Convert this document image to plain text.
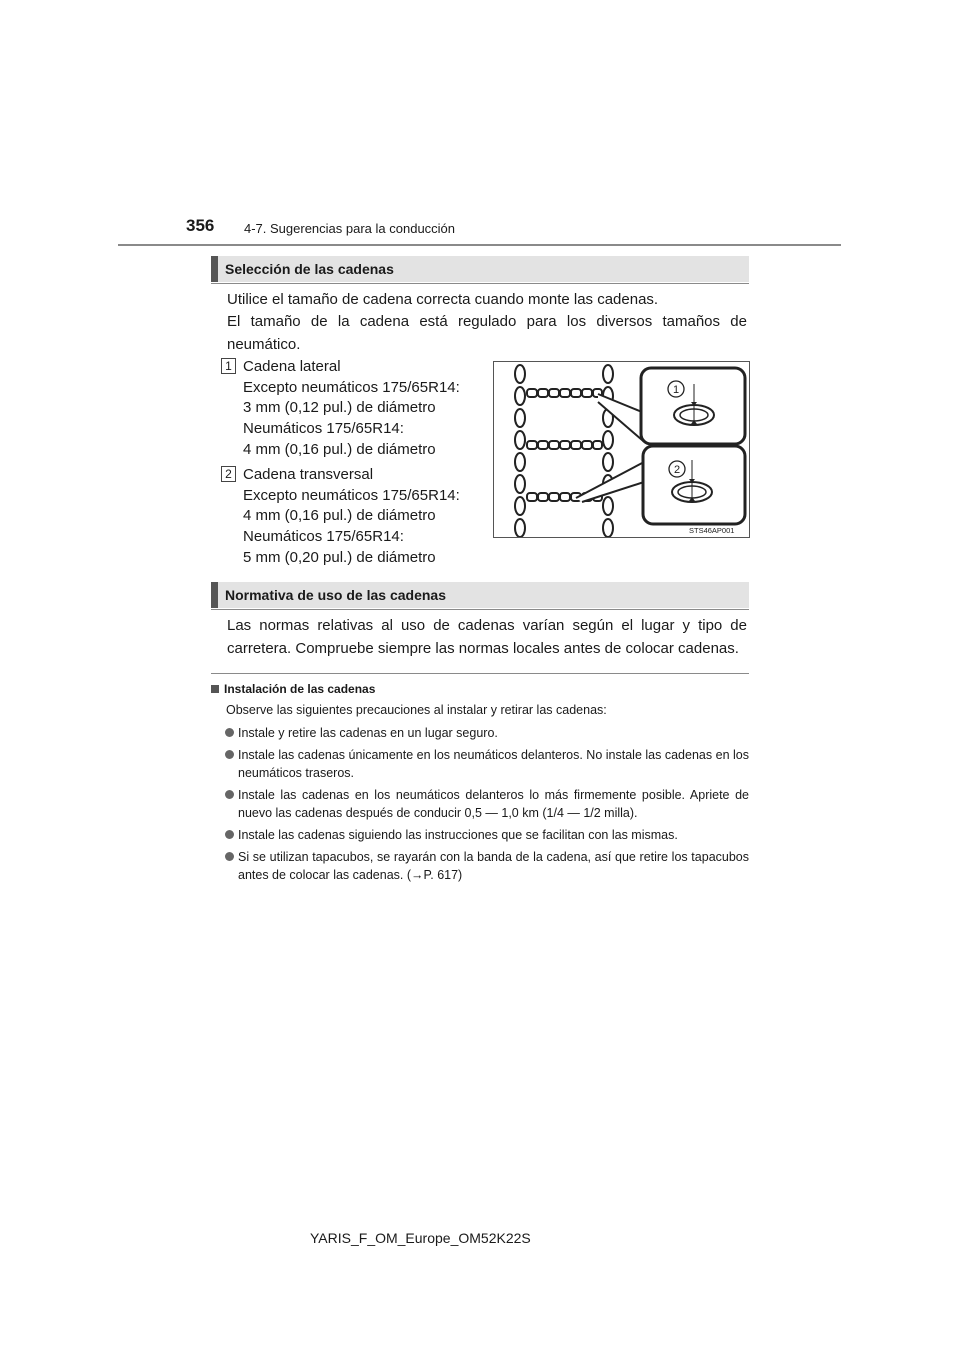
356 4-7. Sugerencias para la conducción
Selección de las cadenas
Utilice el tamaño de cadena correcta cuando monte las cadenas.
El tamaño de la cadena está regulado para los diversos tamaños de neumático.
1 Cadena lateral
Excepto neumáticos 175/65R14:
3 mm (0,12 pul.) de diámetro
Neumáticos 175/65R14:
4 mm (0,16 pul.) de diámetro
2 Cadena transversal
Excepto neumáticos 175/65R14:
4 mm (0,16 pul.) de diámetro
Neumáticos 175/65R14:
5 mm (0,20 pul.) de diámetro
1
2
STS46AP001
Normativa de uso de las cadenas
Las normas relativas al uso de cadenas varían según el lugar y tipo de carretera. Compruebe siempre las normas locales antes de colocar cadenas.
Instalación de las cadenas
Observe las siguientes precauciones al instalar y retirar las cadenas:
Instale y retire las cadenas en un lugar seguro.
Instale las cadenas únicamente en los neumáticos delanteros. No instale las cadenas en los neumáticos traseros.
Instale las cadenas en los neumáticos delanteros lo más firmemente posible. Apriete de nuevo las cadenas después de conducir 0,5 — 1,0 km (1/4 — 1/2 milla).
Instale las cadenas siguiendo las instrucciones que se facilitan con las mismas.
Si se utilizan tapacubos, se rayarán con la banda de la cadena, así que retire los tapacubos antes de colocar las cadenas. (→P. 617)
YARIS_F_OM_Europe_OM52K22S
